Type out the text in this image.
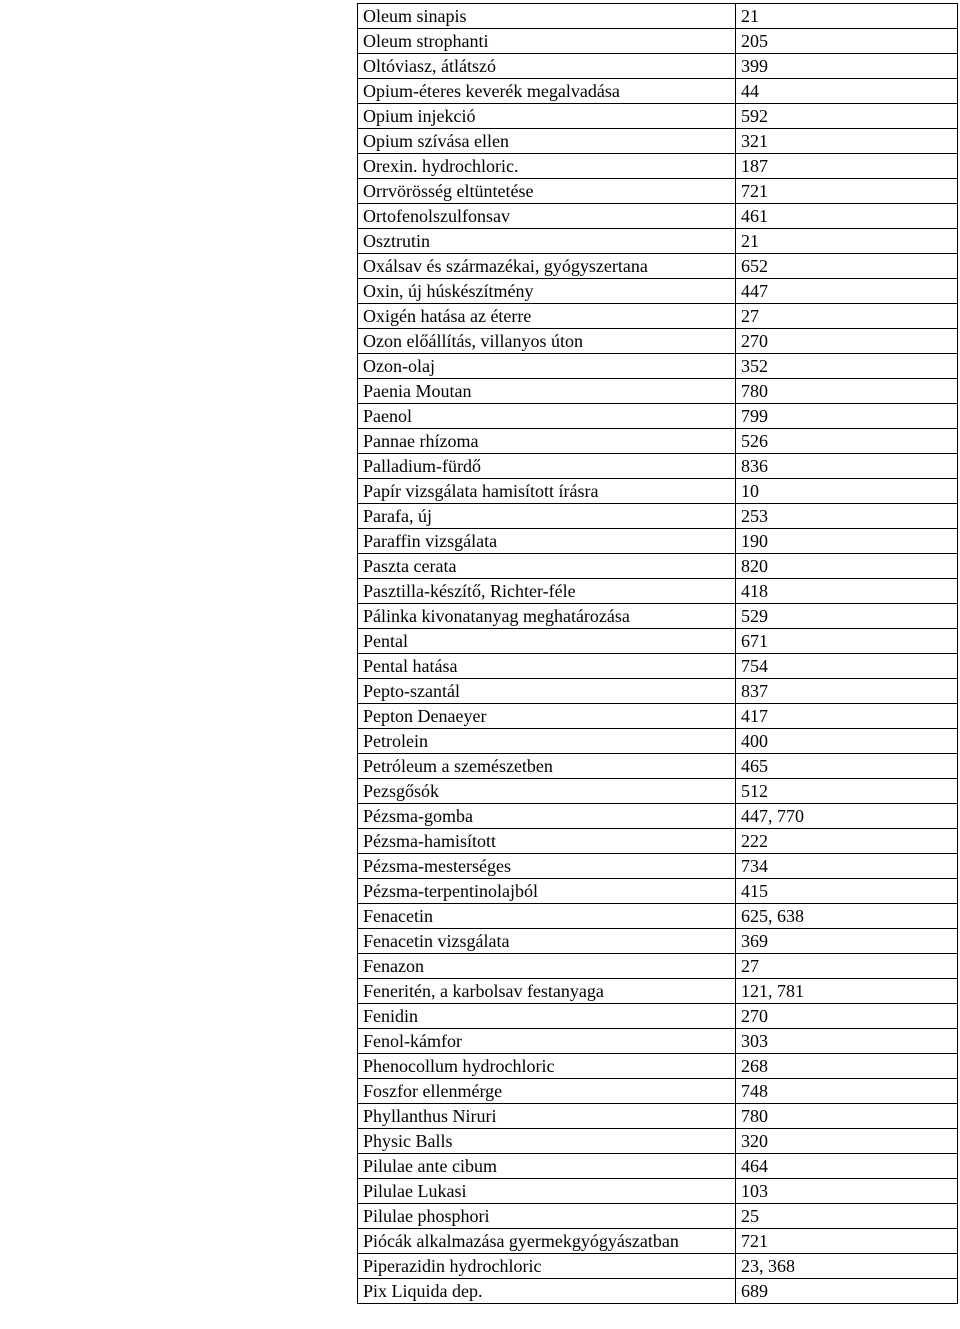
Oleum sinapis	21
Oleum strophanti	205
Oltóviasz, átlátszó	399
Opium-éteres keverék megalvadása	44
Opium injekció	592
Opium szívása ellen	321
Orexin. hydrochloric.	187
Orrvörösség eltüntetése	721
Ortofenolszulfonsav	461
Osztrutin	21
Oxálsav és származékai, gyógyszertana	652
Oxin, új húskészítmény	447
Oxigén hatása az éterre	27
Ozon előállítás, villanyos úton	270
Ozon-olaj	352
Paenia Moutan	780
Paenol	799
Pannae rhízoma	526
Palladium-fürdő	836
Papír vizsgálata hamisított írásra	10
Parafa, új	253
Paraffin vizsgálata	190
Paszta cerata	820
Pasztilla-készítő, Richter-féle	418
Pálinka kivonatanyag meghatározása	529
Pental	671
Pental hatása	754
Pepto-szantál	837
Pepton Denaeyer	417
Petrolein	400
Petróleum a szemészetben	465
Pezsgősók	512
Pézsma-gomba	447, 770
Pézsma-hamisított	222
Pézsma-mesterséges	734
Pézsma-terpentinolajból	415
Fenacetin	625, 638
Fenacetin vizsgálata	369
Fenazon	27
Feneritén, a karbolsav festanyaga	121, 781
Fenidin	270
Fenol-kámfor	303
Phenocollum hydrochloric	268
Foszfor ellenmérge	748
Phyllanthus Niruri	780
Physic Balls	320
Pilulae ante cibum	464
Pilulae Lukasi	103
Pilulae phosphori	25
Piócák alkalmazása gyermekgyógyászatban	721
Piperazidin hydrochloric	23, 368
Pix Liquida dep.	689
